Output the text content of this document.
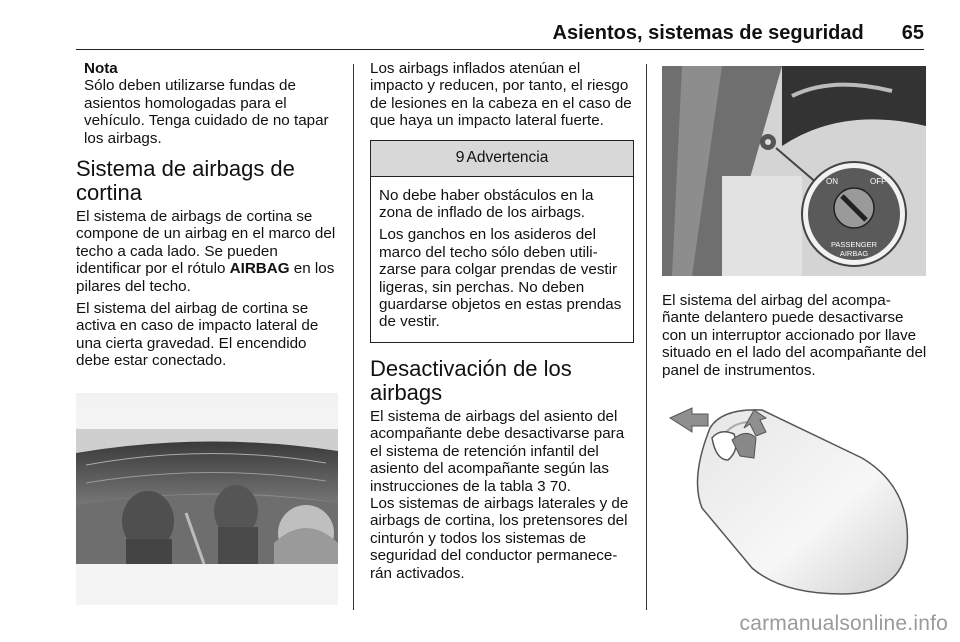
Asientos, sistemas de seguridad 65
Nota
Sólo deben utilizarse fundas de asientos homologadas para el vehículo. Tenga cuidado de no tapar los airbags.
Sistema de airbags de cortina

El sistema de airbags de cortina se compone de un airbag en el marco del techo a cada lado. Se pueden identificar por el rótulo AIRBAG en los pilares del techo.

El sistema del airbag de cortina se activa en caso de impacto lateral de una cierta gravedad. El encendido debe estar conectado.

Los airbags inflados atenúan el impacto y reducen, por tanto, el riesgo de lesiones en la cabeza en el caso de que haya un impacto lateral fuerte.

9 Advertencia

No debe haber obstáculos en la zona de inflado de los airbags.

Los ganchos en los asideros del marco del techo sólo deben utili- zarse para colgar prendas de vestir ligeras, sin perchas. No deben guardarse objetos en estas prendas de vestir.

Desactivación de los airbags
El sistema de airbags del asiento del acompañante debe desactivarse para el sistema de retención infantil del asiento del acompañante según las instrucciones de la tabla 3 70.
Los sistemas de airbags laterales y de airbags de cortina, los pretensores del cinturón y todos los sistemas de seguridad del conductor permanece- rán activados.
ON	OFF
PASSENGER
AIRBAG

El sistema del airbag del acompa- ñante delantero puede desactivarse con un interruptor accionado por llave situado en el lado del acompañante del panel de instrumentos.

carmanualsonline.info
